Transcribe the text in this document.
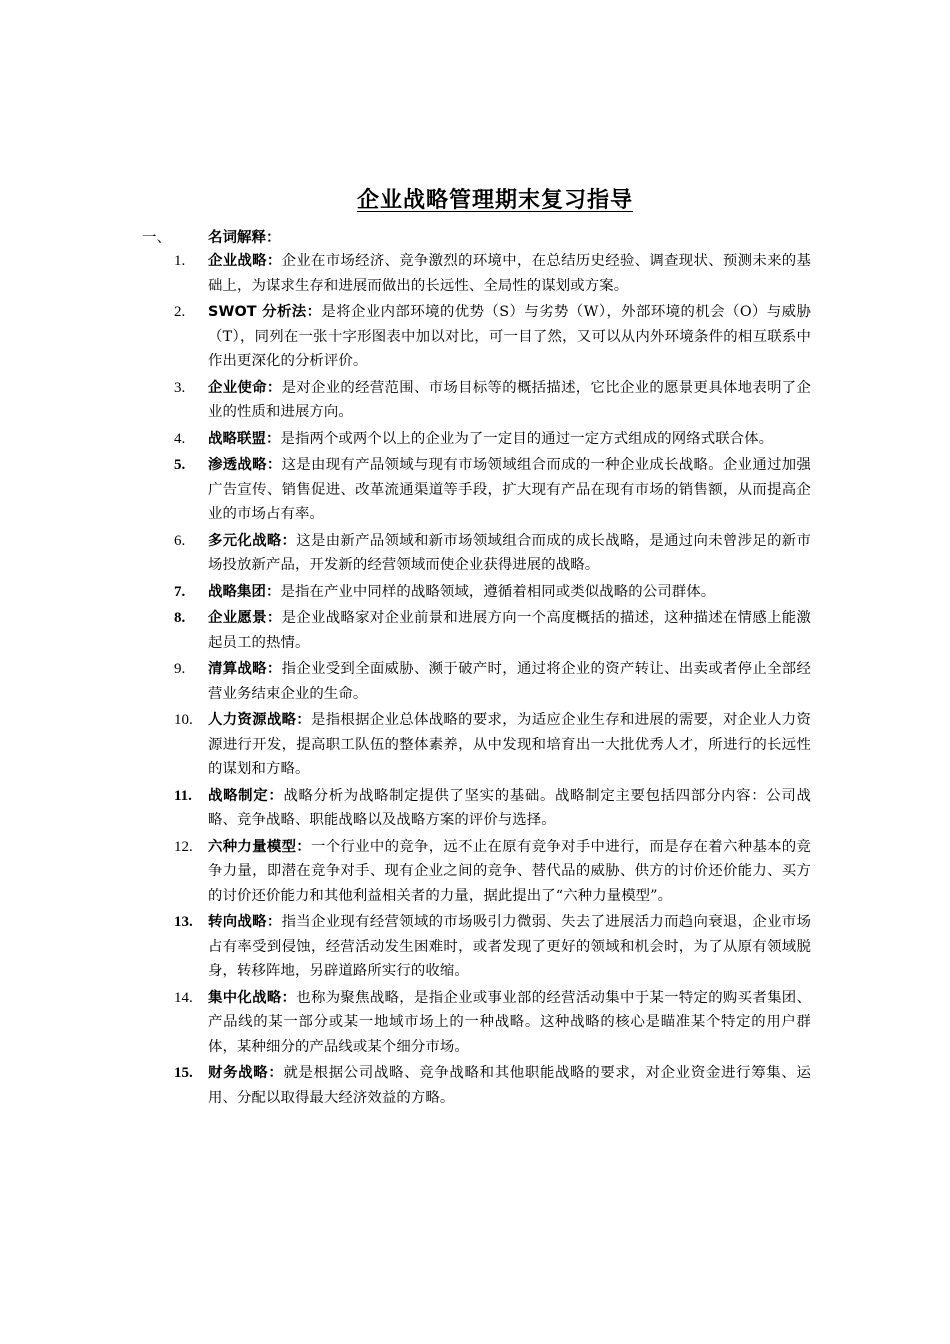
企业战略管理期末复习指导
一、	名词解释：
1.	企业战略：企业在市场经济、竞争激烈的环境中，在总结历史经验、调查现状、预测未来的基础上，为谋求生存和进展而做出的长远性、全局性的谋划或方案。
2.	SWOT 分析法：是将企业内部环境的优势（S）与劣势（W），外部环境的机会（O）与威胁（T），同列在一张十字形图表中加以对比，可一目了然，又可以从内外环境条件的相互联系中作出更深化的分析评价。
3.	企业使命：是对企业的经营范围、市场目标等的概括描述，它比企业的愿景更具体地表明了企业的性质和进展方向。
4.	战略联盟：是指两个或两个以上的企业为了一定目的通过一定方式组成的网络式联合体。
5.	渗透战略：这是由现有产品领域与现有市场领域组合而成的一种企业成长战略。企业通过加强广告宣传、销售促进、改革流通渠道等手段，扩大现有产品在现有市场的销售额，从而提高企业的市场占有率。
6.	多元化战略：这是由新产品领域和新市场领域组合而成的成长战略，是通过向未曾涉足的新市场投放新产品，开发新的经营领域而使企业获得进展的战略。
7.	战略集团：是指在产业中同样的战略领域，遵循着相同或类似战略的公司群体。
8.	企业愿景：是企业战略家对企业前景和进展方向一个高度概括的描述，这种描述在情感上能激起员工的热情。
9.	清算战略：指企业受到全面威胁、濒于破产时，通过将企业的资产转让、出卖或者停止全部经营业务结束企业的生命。
10.	人力资源战略：是指根据企业总体战略的要求，为适应企业生存和进展的需要，对企业人力资源进行开发，提高职工队伍的整体素养，从中发现和培育出一大批优秀人才，所进行的长远性的谋划和方略。
11.	战略制定：战略分析为战略制定提供了坚实的基础。战略制定主要包括四部分内容：公司战略、竞争战略、职能战略以及战略方案的评价与选择。
12.	六种力量模型：一个行业中的竞争，远不止在原有竞争对手中进行，而是存在着六种基本的竞争力量，即潜在竞争对手、现有企业之间的竞争、替代品的威胁、供方的讨价还价能力、买方的讨价还价能力和其他利益相关者的力量，据此提出了“六种力量模型”。
13.	转向战略：指当企业现有经营领域的市场吸引力微弱、失去了进展活力而趋向衰退，企业市场占有率受到侵蚀，经营活动发生困难时，或者发现了更好的领域和机会时，为了从原有领域脱身，转移阵地，另辟道路所实行的收缩。
14.	集中化战略：也称为聚焦战略，是指企业或事业部的经营活动集中于某一特定的购买者集团、产品线的某一部分或某一地域市场上的一种战略。这种战略的核心是瞄准某个特定的用户群体，某种细分的产品线或某个细分市场。
15.	财务战略：就是根据公司战略、竞争战略和其他职能战略的要求，对企业资金进行筹集、运用、分配以取得最大经济效益的方略。
